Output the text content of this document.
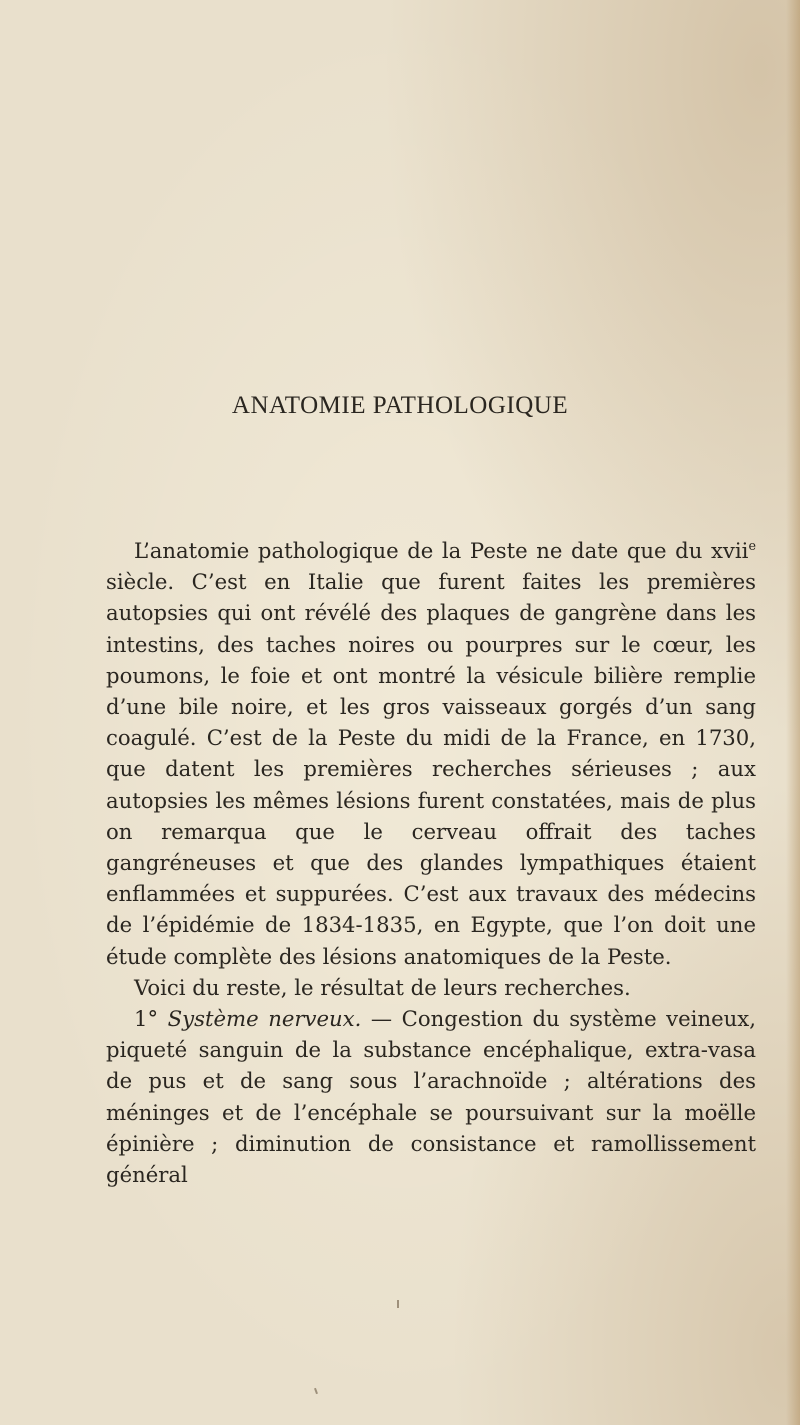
ANATOMIE PATHOLOGIQUE

L’anatomie pathologique de la Peste ne date que du xvii$^e$ siècle. C’est en Italie que furent faites les premières autopsies qui ont révélé des plaques de gangrène dans les intestins, des taches noires ou pourpres sur le cœur, les poumons, le foie et ont montré la vésicule bilière remplie d’une bile noire, et les gros vaisseaux gorgés d’un sang coagulé. C’est de la Peste du midi de la France, en 1730, que datent les premières recherches sérieuses ; aux autopsies les mêmes lésions furent constatées, mais de plus on remarqua que le cerveau offrait des taches gangréneuses et que des glandes lympathiques étaient enflammées et suppurées. C’est aux travaux des médecins de l’épidémie de 1834-1835, en Egypte, que l’on doit une étude complète des lésions anatomiques de la Peste.

Voici du reste, le résultat de leurs recherches.

1° Système nerveux. — Congestion du système veineux, piqueté sanguin de la substance encéphalique, extra-vasa de pus et de sang sous l’arachnoïde ; altérations des méninges et de l’encéphale se poursuivant sur la moëlle épinière ; diminution de consistance et ramollissement général
